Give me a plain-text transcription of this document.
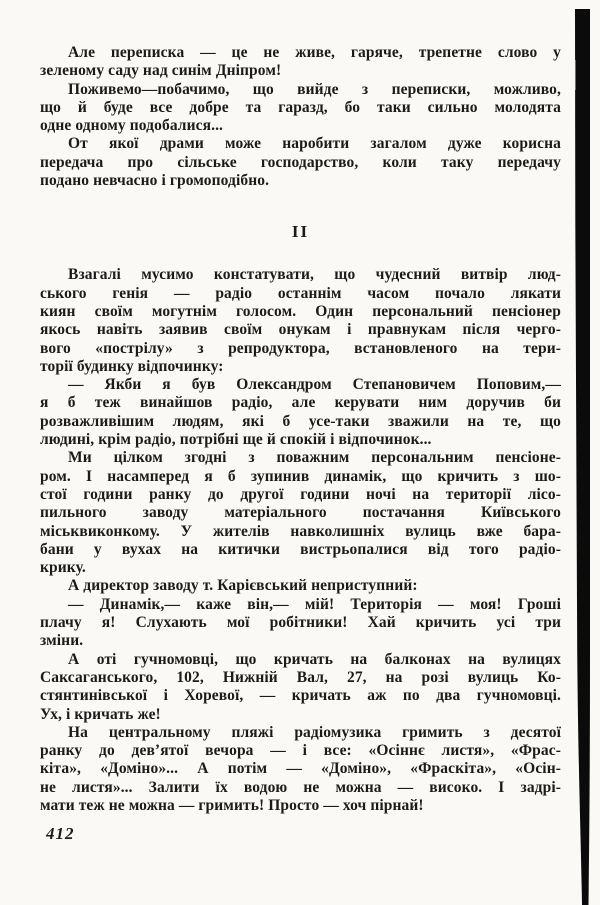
Але переписка — це не живе, гаряче, трепетне слово у
зеленому саду над синім Дніпром!
Поживемо—побачимо, що вийде з переписки, можливо,
що й буде все добре та гаразд, бо таки сильно молодята
одне одному подобалися...
От якої драми може наробити загалом дуже корисна
передача про сільське господарство, коли таку передачу
подано невчасно і громоподібно.
II
Взагалі мусимо констатувати, що чудесний витвір люд-
ського генія — радіо останнім часом почало лякати
киян своїм могутнім голосом. Один персональний пенсіонер
якось навіть заявив своїм онукам і правнукам після черго-
вого «пострілу» з репродуктора, встановленого на тери-
торії будинку відпочинку:
— Якби я був Олександром Степановичем Поповим,—
я б теж винайшов радіо, але керувати ним доручив би
розважливішим людям, які б усе-таки зважили на те, що
людині, крім радіо, потрібні ще й спокій і відпочинок...
Ми цілком згодні з поважним персональним пенсіоне-
ром. І насамперед я б зупинив динамік, що кричить з шо-
стої години ранку до другої години ночі на території лісо-
пильного заводу матеріального постачання Київського
міськвиконкому. У жителів навколишніх вулиць вже бара-
бани у вухах на китички вистрьопалися від того радіо-
крику.
А директор заводу т. Карієвський неприступний:
— Динамік,— каже він,— мій! Територія — моя! Гроші
плачу я! Слухають мої робітники! Хай кричить усі три
зміни.
А оті гучномовці, що кричать на балконах на вулицях
Саксаганського, 102, Нижній Вал, 27, на розі вулиць Ко-
стянтинівської і Хоревої, — кричать аж по два гучномовці.
Ух, і кричать же!
На центральному пляжі радіомузика гримить з десятої
ранку до дев’ятої вечора — і все: «Осіннє листя», «Фрас-
кіта», «Доміно»... А потім — «Доміно», «Фраскіта», «Осін-
не листя»... Залити їх водою не можна — високо. І задрі-
мати теж не можна — гримить! Просто — хоч пірнай!
412
